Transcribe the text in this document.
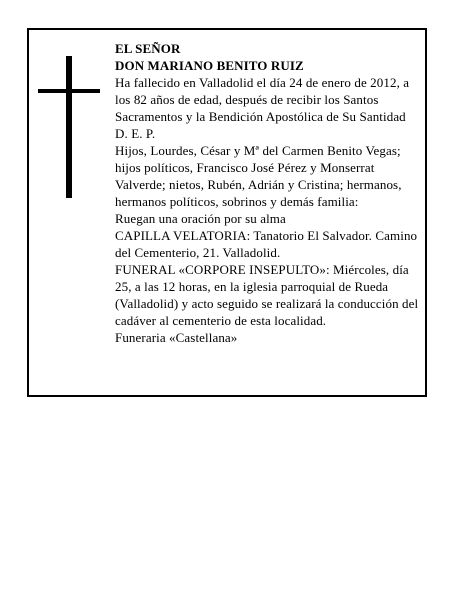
EL SEÑOR

DON MARIANO BENITO RUIZ

Ha fallecido en Valladolid el día 24 de enero de 2012, a los 82 años de edad, después de recibir los Santos Sacramentos y la Bendición Apostólica de Su Santidad

D. E. P.

Hijos, Lourdes, César y Mª del Carmen Benito Vegas; hijos políticos, Francisco José Pérez y Monserrat Valverde; nietos, Rubén, Adrián y Cristina; hermanos, hermanos políticos, sobrinos y demás familia:

Ruegan una oración por su alma

CAPILLA VELATORIA: Tanatorio El Salvador. Camino del Cementerio, 21. Valladolid.

FUNERAL «CORPORE INSEPULTO»: Miércoles, día 25, a las 12 horas, en la iglesia parroquial de Rueda (Valladolid) y acto seguido se realizará la conducción del cadáver al cementerio de esta localidad.

Funeraria «Castellana»
